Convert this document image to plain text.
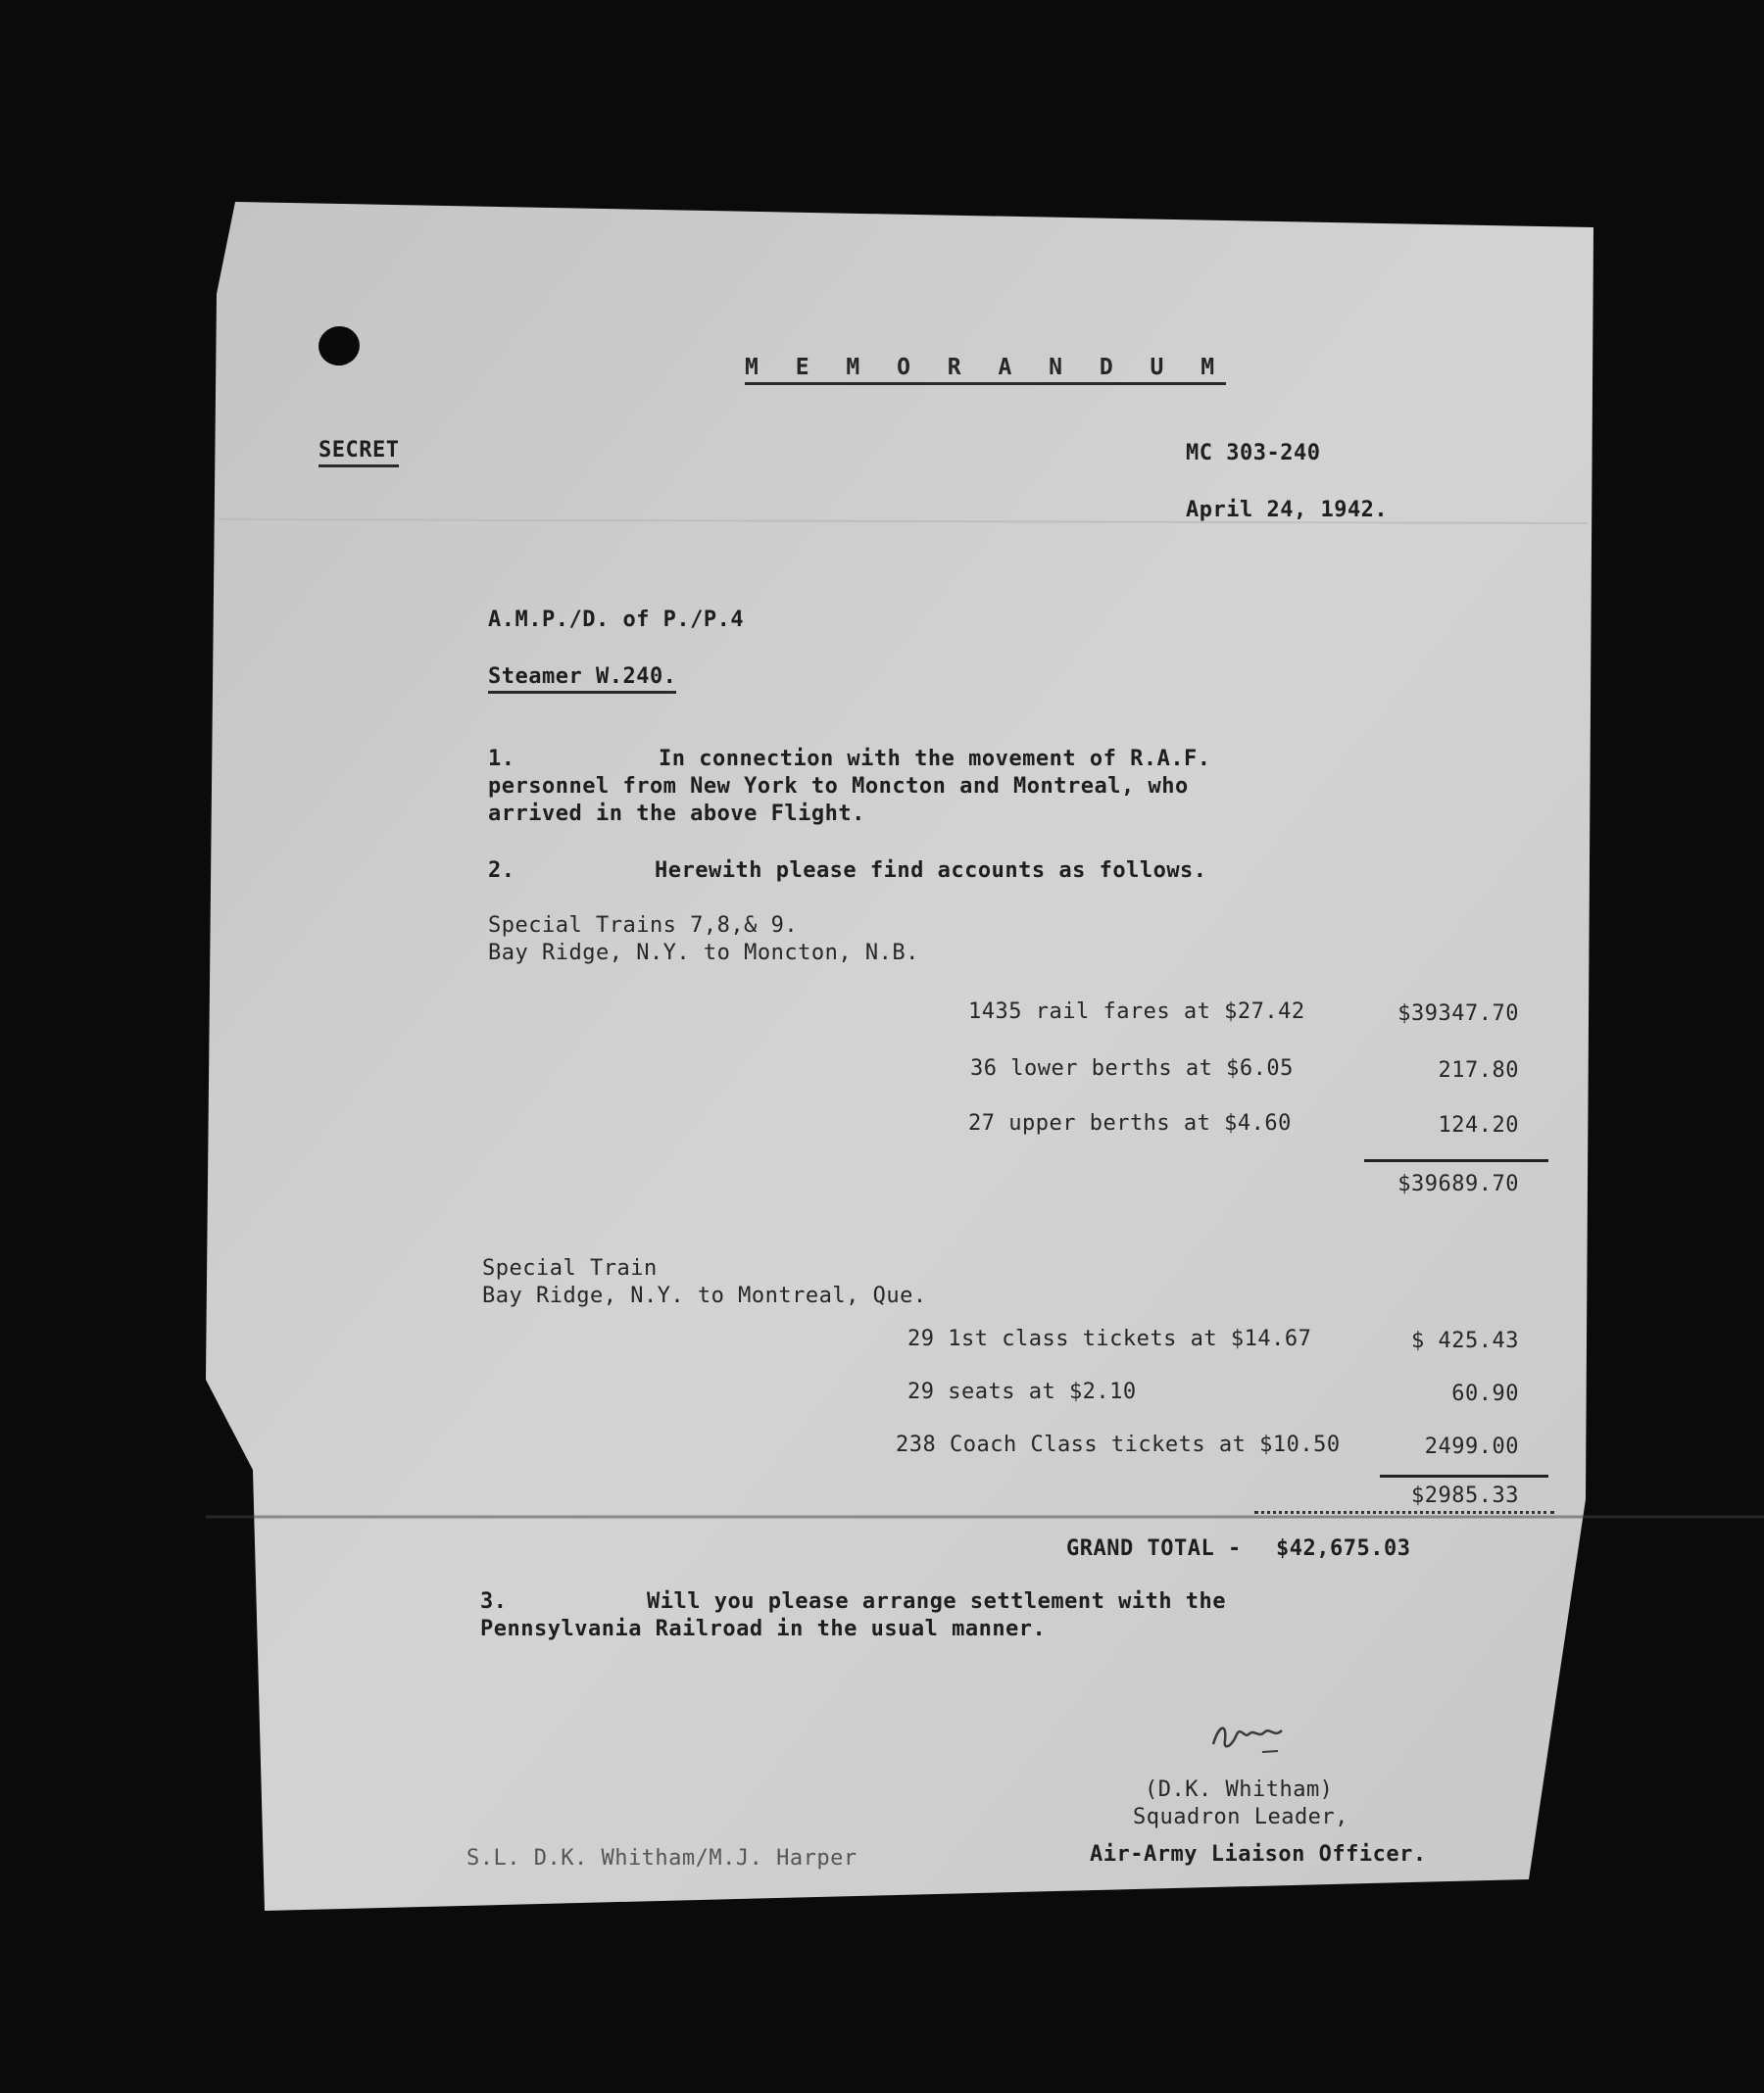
M E M O R A N D U M
SECRET	MC 303-240
April 24, 1942.
A.M.P./D. of P./P.4
Steamer W.240.
1.	In connection with the movement of R.A.F.
personnel from New York to Moncton and Montreal, who
arrived in the above Flight.
2.	Herewith please find accounts as follows.
Special Trains 7,8,& 9.
Bay Ridge, N.Y. to Moncton, N.B.
1435 rail fares at $27.42	$39347.70
36 lower berths at $6.05	217.80
27 upper berths at $4.60	124.20
$39689.70
Special Train
Bay Ridge, N.Y. to Montreal, Que.
29 1st class tickets at $14.67	$ 425.43
29 seats at $2.10	60.90
238 Coach Class tickets at $10.50	2499.00
$2985.33
GRAND TOTAL - $42,675.03
3.	Will you please arrange settlement with the
Pennsylvania Railroad in the usual manner.
(D.K. Whitham)
Squadron Leader,
Air-Army Liaison Officer.
S.L. D.K. Whitham/M.J. Harper
